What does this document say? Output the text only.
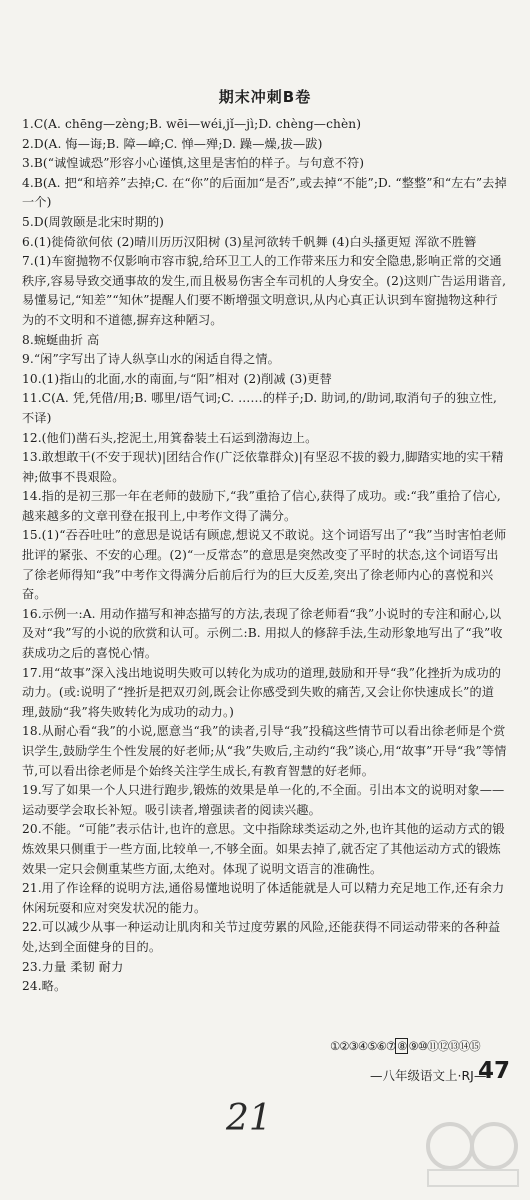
期末冲刺B卷

1.C(A. chēng—zèng;B. wēi—wéi,jǐ—jì;D. chèng—chèn)

2.D(A. 悔—诲;B. 障—嶂;C. 惮—殚;D. 躁—燥,拔—跋)

3.B(“诚惶诚恐”形容小心谨慎,这里是害怕的样子。与句意不符)

4.B(A. 把“和培养”去掉;C. 在“你”的后面加“是否”,或去掉“不能”;D. “整整”和“左右”去掉一个)

5.D(周敦颐是北宋时期的)

6.(1)徙倚欲何依 (2)晴川历历汉阳树 (3)星河欲转千帆舞 (4)白头搔更短 浑欲不胜簪

7.(1)车窗抛物不仅影响市容市貌,给环卫工人的工作带来压力和安全隐患,影响正常的交通秩序,容易导致交通事故的发生,而且极易伤害全车司机的人身安全。(2)这则广告运用谐音,易懂易记,“知差”“知休”提醒人们要不断增强文明意识,从内心真正认识到车窗抛物这种行为的不文明和不道德,摒弃这种陋习。

8.蜿蜒曲折 高

9.“闲”字写出了诗人纵享山水的闲适自得之情。

10.(1)指山的北面,水的南面,与“阳”相对 (2)削减 (3)更替

11.C(A. 凭,凭借/用;B. 哪里/语气词;C. ……的样子;D. 助词,的/助词,取消句子的独立性,不译)

12.(他们)凿石头,挖泥土,用箕畚装土石运到渤海边上。

13.敢想敢干(不安于现状)|团结合作(广泛依靠群众)|有坚忍不拔的毅力,脚踏实地的实干精神;做事不畏艰险。

14.指的是初三那一年在老师的鼓励下,“我”重拾了信心,获得了成功。或:“我”重拾了信心,越来越多的文章刊登在报刊上,中考作文得了满分。

15.(1)“吞吞吐吐”的意思是说话有顾虑,想说又不敢说。这个词语写出了“我”当时害怕老师批评的紧张、不安的心理。(2)“一反常态”的意思是突然改变了平时的状态,这个词语写出了徐老师得知“我”中考作文得满分后前后行为的巨大反差,突出了徐老师内心的喜悦和兴奋。

16.示例一:A. 用动作描写和神态描写的方法,表现了徐老师看“我”小说时的专注和耐心,以及对“我”写的小说的欣赏和认可。示例二:B. 用拟人的修辞手法,生动形象地写出了“我”收获成功之后的喜悦心情。

17.用“故事”深入浅出地说明失败可以转化为成功的道理,鼓励和开导“我”化挫折为成功的动力。(或:说明了“挫折是把双刃剑,既会让你感受到失败的痛苦,又会让你快速成长”的道理,鼓励“我”将失败转化为成功的动力。)

18.从耐心看“我”的小说,愿意当“我”的读者,引导“我”投稿这些情节可以看出徐老师是个赏识学生,鼓励学生个性发展的好老师;从“我”失败后,主动约“我”谈心,用“故事”开导“我”等情节,可以看出徐老师是个始终关注学生成长,有教育智慧的好老师。

19.写了如果一个人只进行跑步,锻炼的效果是单一化的,不全面。引出本文的说明对象——运动要学会取长补短。吸引读者,增强读者的阅读兴趣。

20.不能。“可能”表示估计,也许的意思。文中指除球类运动之外,也许其他的运动方式的锻炼效果只侧重于一些方面,比较单一,不够全面。如果去掉了,就否定了其他运动方式的锻炼效果一定只会侧重某些方面,太绝对。体现了说明文语言的准确性。

21.用了作诠释的说明方法,通俗易懂地说明了体适能就是人可以精力充足地工作,还有余力休闲玩耍和应对突发状况的能力。

22.可以减少从事一种运动让肌肉和关节过度劳累的风险,还能获得不同运动带来的各种益处,达到全面健身的目的。

23.力量 柔韧 耐力

24.略。

①②③④⑤⑥⑦ ⑧ ⑨⑩⑪⑫⑬⑭⑮
—八年级语文上·RJ—
47
21
